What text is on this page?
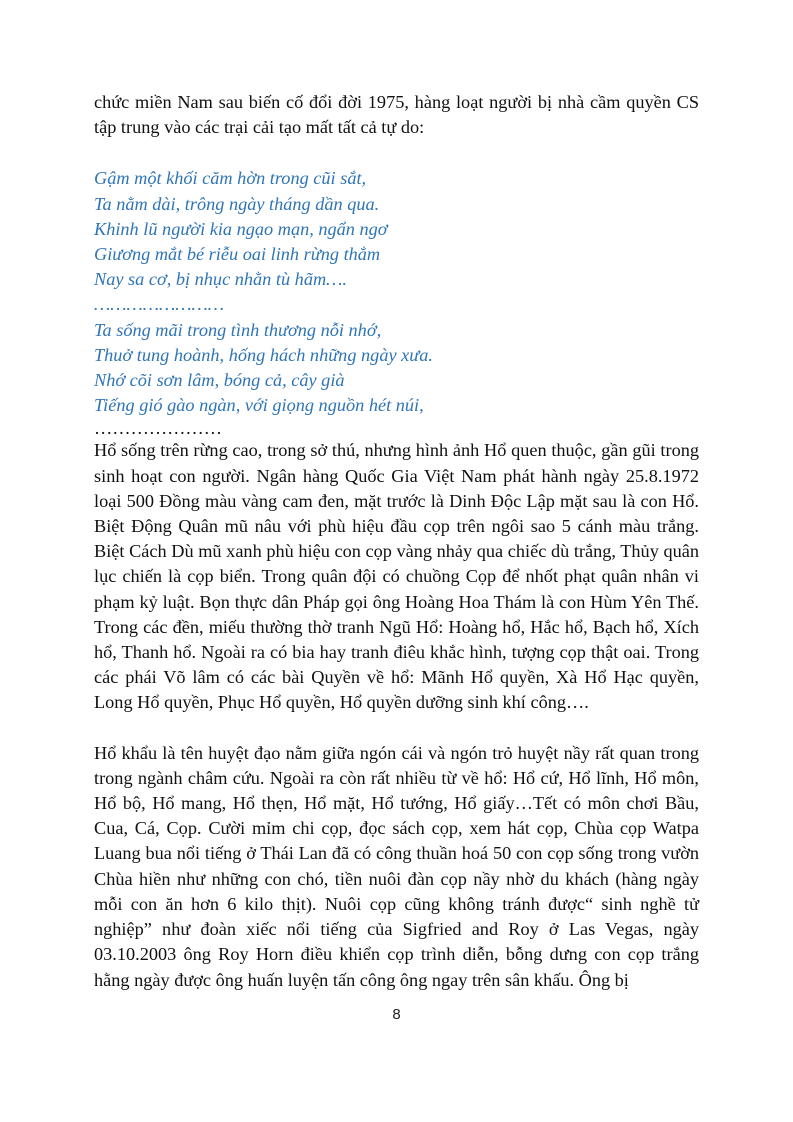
chức miền Nam sau biến cố đổi đời 1975, hàng loạt người bị nhà cầm quyền CS tập trung vào các trại cải tạo mất tất cả tự do:

Gậm một khối căm hờn trong cũi sắt,
Ta nằm dài, trông ngày tháng dần qua.
Khinh lũ người kia ngạo mạn, ngẩn ngơ
Giương mắt bé riễu oai linh rừng thẳm
Nay sa cơ, bị nhục nhằn tù hãm….
……………………
Ta sống mãi trong tình thương nỗi nhớ,
Thuở tung hoành, hống hách những ngày xưa.
Nhớ cõi sơn lâm, bóng cả, cây già
Tiếng gió gào ngàn, với giọng nguồn hét núi,
…………………

Hổ sống trên rừng cao, trong sở thú, nhưng hình ảnh Hổ quen thuộc, gần gũi trong sinh hoạt con người. Ngân hàng Quốc Gia Việt Nam phát hành ngày 25.8.1972 loại 500 Đồng màu vàng cam đen, mặt trước là Dinh Độc Lập mặt sau là con Hổ. Biệt Động Quân mũ nâu với phù hiệu đầu cọp trên ngôi sao 5 cánh màu trắng. Biệt Cách Dù mũ xanh phù hiệu con cọp vàng nhảy qua chiếc dù trắng, Thủy quân lục chiến là cọp biển. Trong quân đội có chuồng Cọp để nhốt phạt quân nhân vi phạm kỷ luật. Bọn thực dân Pháp gọi ông Hoàng Hoa Thám là con Hùm Yên Thế. Trong các đền, miếu thường thờ tranh Ngũ Hổ: Hoàng hổ, Hắc hổ, Bạch hổ, Xích hổ, Thanh hổ. Ngoài ra có bia hay tranh điêu khắc hình, tượng cọp thật oai. Trong các phái Võ lâm có các bài Quyền về hổ: Mãnh Hổ quyền, Xà Hổ Hạc quyền, Long Hổ quyền, Phục Hổ quyền, Hổ quyền dưỡng sinh khí công….

Hổ khẩu là tên huyệt đạo nằm giữa ngón cái và ngón trỏ huyệt nầy rất quan trong trong ngành châm cứu. Ngoài ra còn rất nhiều từ về hổ: Hổ cứ, Hổ lĩnh, Hổ môn, Hổ bộ, Hổ mang, Hổ thẹn, Hổ mặt, Hổ tướng, Hổ giấy…Tết có môn chơi Bầu, Cua, Cá, Cọp. Cười mỉm chi cọp, đọc sách cọp, xem hát cọp, Chùa cọp Watpa Luang bua nổi tiếng ở Thái Lan đã có công thuần hoá 50 con cọp sống trong vườn Chùa hiền như những con chó, tiền nuôi đàn cọp nầy nhờ du khách (hàng ngày mỗi con ăn hơn 6 kilo thịt). Nuôi cọp cũng không tránh được“ sinh nghề tử nghiệp” như đoàn xiếc nổi tiếng của Sigfried and Roy ở Las Vegas, ngày 03.10.2003 ông Roy Horn điều khiển cọp trình diễn, bỗng dưng con cọp trắng hằng ngày được ông huấn luyện tấn công ông ngay trên sân khấu. Ông bị

8
